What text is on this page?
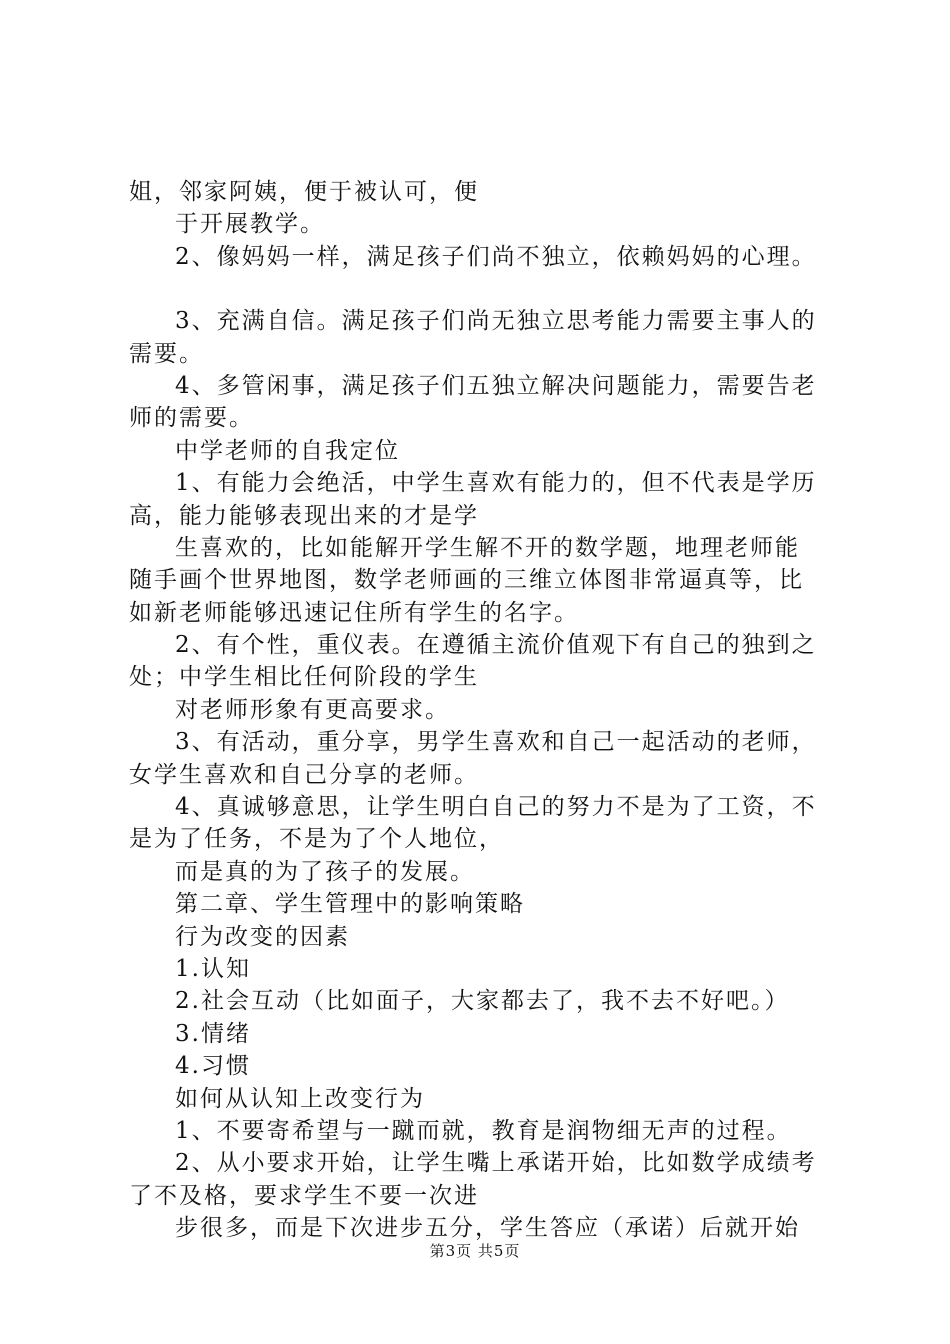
姐，邻家阿姨，便于被认可，便
于开展教学。
2、像妈妈一样，满足孩子们尚不独立，依赖妈妈的心理。
3、充满自信。满足孩子们尚无独立思考能力需要主事人的
需要。
4、多管闲事，满足孩子们五独立解决问题能力，需要告老
师的需要。
中学老师的自我定位
1、有能力会绝活，中学生喜欢有能力的，但不代表是学历
高，能力能够表现出来的才是学
生喜欢的，比如能解开学生解不开的数学题，地理老师能
随手画个世界地图，数学老师画的三维立体图非常逼真等，比
如新老师能够迅速记住所有学生的名字。
2、有个性，重仪表。在遵循主流价值观下有自己的独到之
处；中学生相比任何阶段的学生
对老师形象有更高要求。
3、有活动，重分享，男学生喜欢和自己一起活动的老师，
女学生喜欢和自己分享的老师。
4、真诚够意思，让学生明白自己的努力不是为了工资，不
是为了任务，不是为了个人地位，
而是真的为了孩子的发展。
第二章、学生管理中的影响策略
行为改变的因素
1.认知
2.社会互动（比如面子，大家都去了，我不去不好吧。）
3.情绪
4.习惯
如何从认知上改变行为
1、不要寄希望与一蹴而就，教育是润物细无声的过程。
2、从小要求开始，让学生嘴上承诺开始，比如数学成绩考
了不及格，要求学生不要一次进
步很多，而是下次进步五分，学生答应（承诺）后就开始
第3页 共5页
